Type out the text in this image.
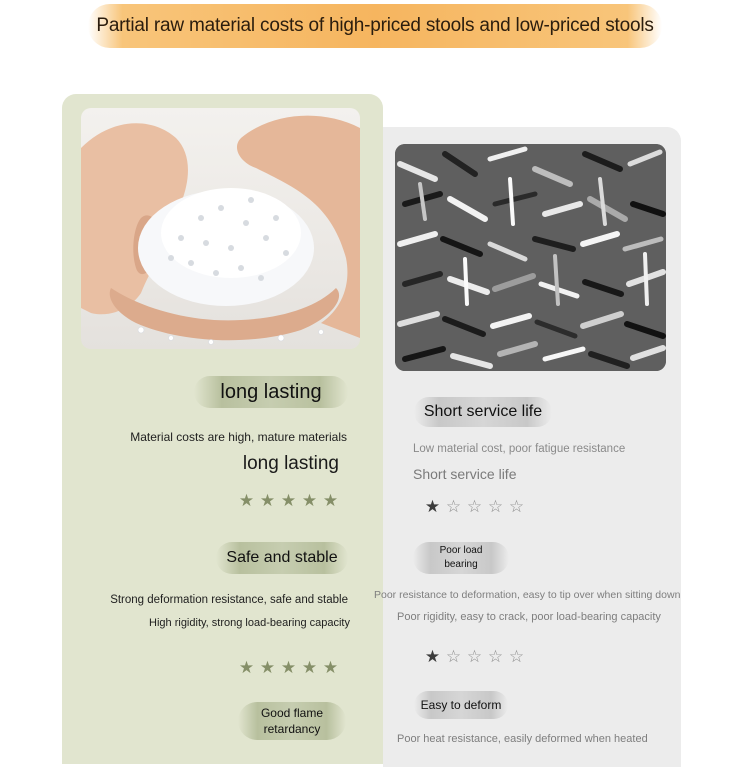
Partial raw material costs of high-priced stools and low-priced stools
long lasting
Material costs are high, mature materials
long lasting
★ ★ ★ ★ ★
Safe and stable
Strong deformation resistance, safe and stable
High rigidity, strong load-bearing capacity
★ ★ ★ ★ ★
Good flame
retardancy
Short service life
Low material cost, poor fatigue resistance
Short service life
★ ☆ ☆ ☆ ☆
Poor load
bearing
Poor resistance to deformation, easy to tip over when sitting down
Poor rigidity, easy to crack, poor load-bearing capacity
★ ☆ ☆ ☆ ☆
Easy to deform
Poor heat resistance, easily deformed when heated
